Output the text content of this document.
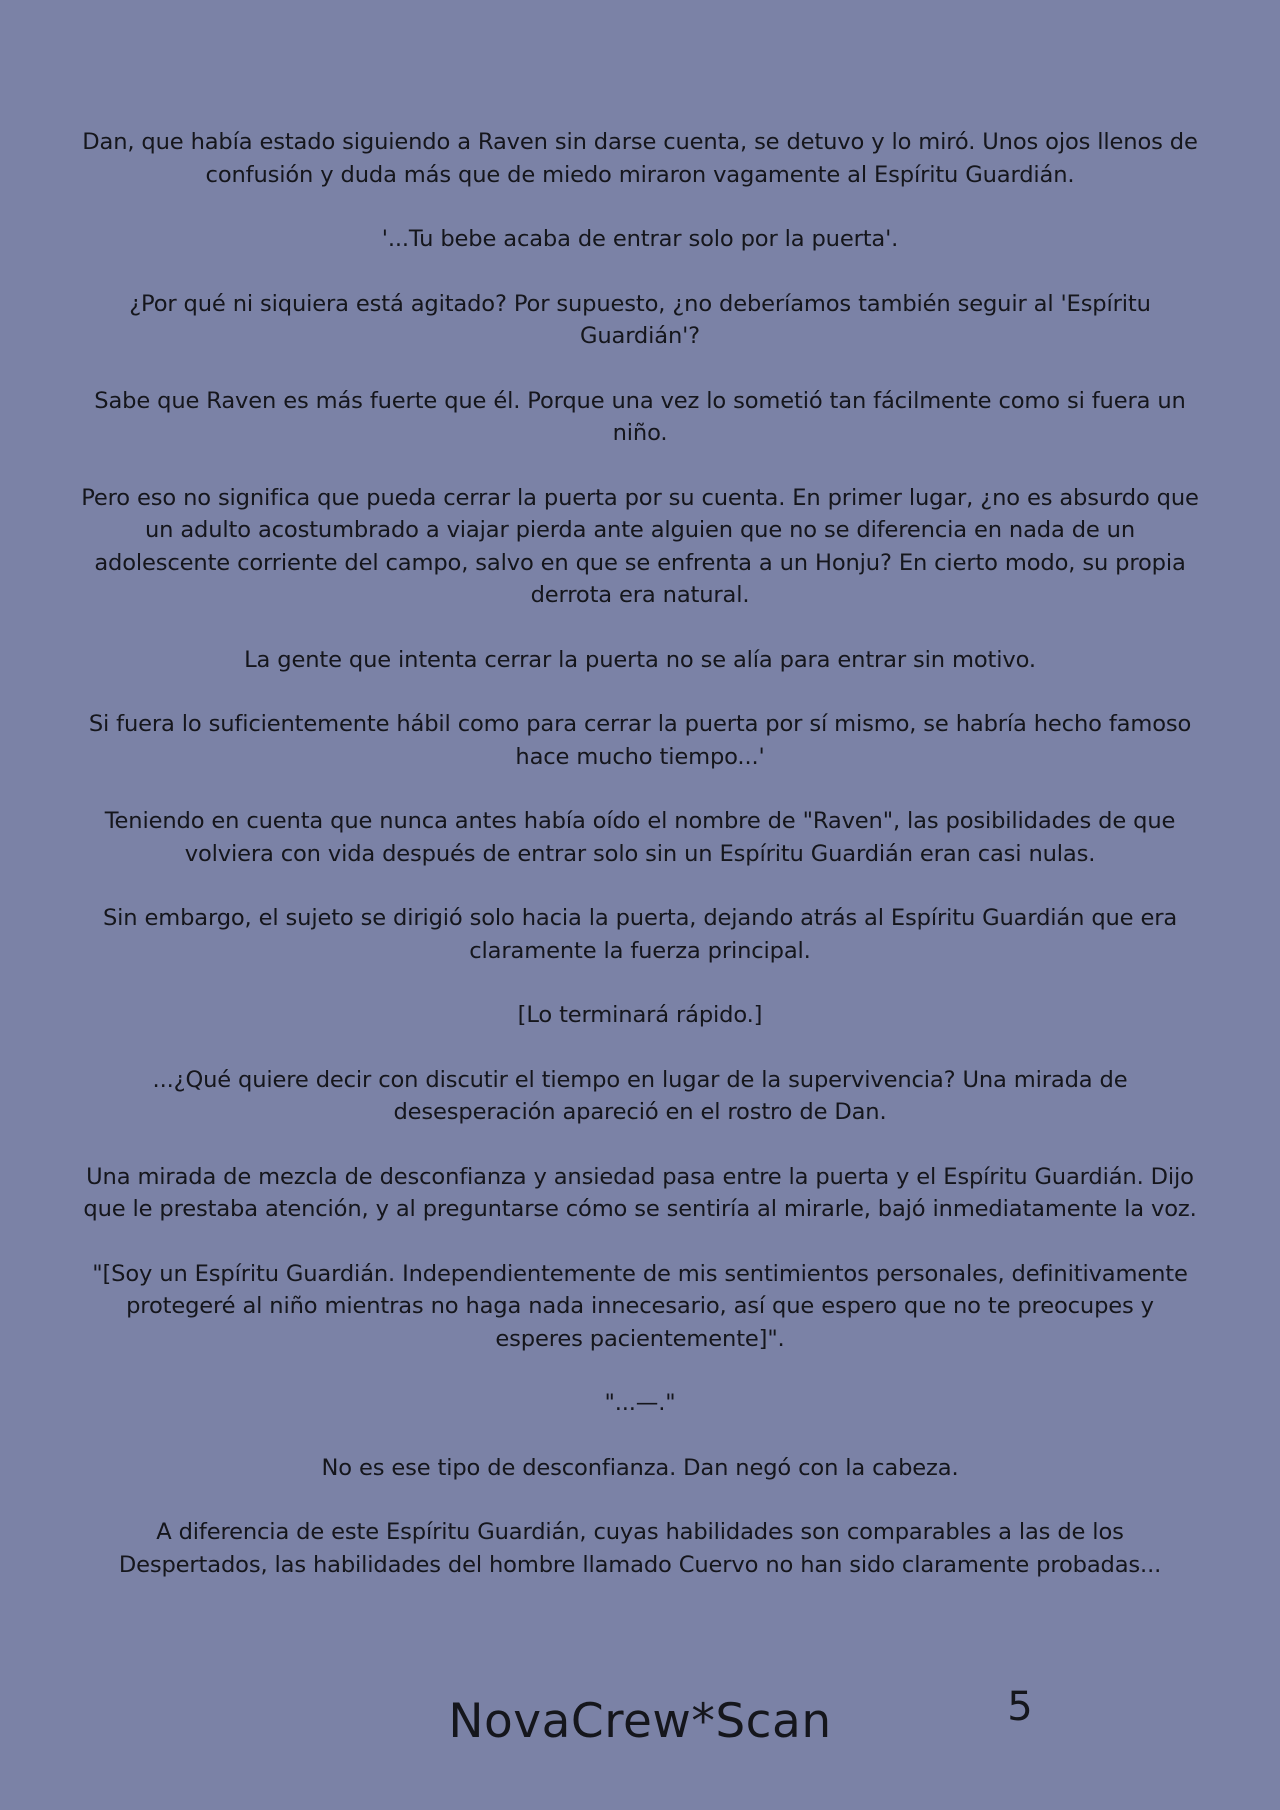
Dan, que había estado siguiendo a Raven sin darse cuenta, se detuvo y lo miró. Unos ojos llenos de confusión y duda más que de miedo miraron vagamente al Espíritu Guardián.

'...Tu bebe acaba de entrar solo por la puerta'.

¿Por qué ni siquiera está agitado? Por supuesto, ¿no deberíamos también seguir al 'Espíritu Guardián'?

Sabe que Raven es más fuerte que él. Porque una vez lo sometió tan fácilmente como si fuera un niño.

Pero eso no significa que pueda cerrar la puerta por su cuenta. En primer lugar, ¿no es absurdo que un adulto acostumbrado a viajar pierda ante alguien que no se diferencia en nada de un adolescente corriente del campo, salvo en que se enfrenta a un Honju? En cierto modo, su propia derrota era natural.

La gente que intenta cerrar la puerta no se alía para entrar sin motivo.

Si fuera lo suficientemente hábil como para cerrar la puerta por sí mismo, se habría hecho famoso hace mucho tiempo...'

Teniendo en cuenta que nunca antes había oído el nombre de "Raven", las posibilidades de que volviera con vida después de entrar solo sin un Espíritu Guardián eran casi nulas.

Sin embargo, el sujeto se dirigió solo hacia la puerta, dejando atrás al Espíritu Guardián que era claramente la fuerza principal.

[Lo terminará rápido.]

...¿Qué quiere decir con discutir el tiempo en lugar de la supervivencia? Una mirada de desesperación apareció en el rostro de Dan.

Una mirada de mezcla de desconfianza y ansiedad pasa entre la puerta y el Espíritu Guardián. Dijo que le prestaba atención, y al preguntarse cómo se sentiría al mirarle, bajó inmediatamente la voz.

"[Soy un Espíritu Guardián. Independientemente de mis sentimientos personales, definitivamente protegeré al niño mientras no haga nada innecesario, así que espero que no te preocupes y esperes pacientemente]".

"...—."

No es ese tipo de desconfianza. Dan negó con la cabeza.

A diferencia de este Espíritu Guardián, cuyas habilidades son comparables a las de los Despertados, las habilidades del hombre llamado Cuervo no han sido claramente probadas...

NovaCrew*Scan	5
